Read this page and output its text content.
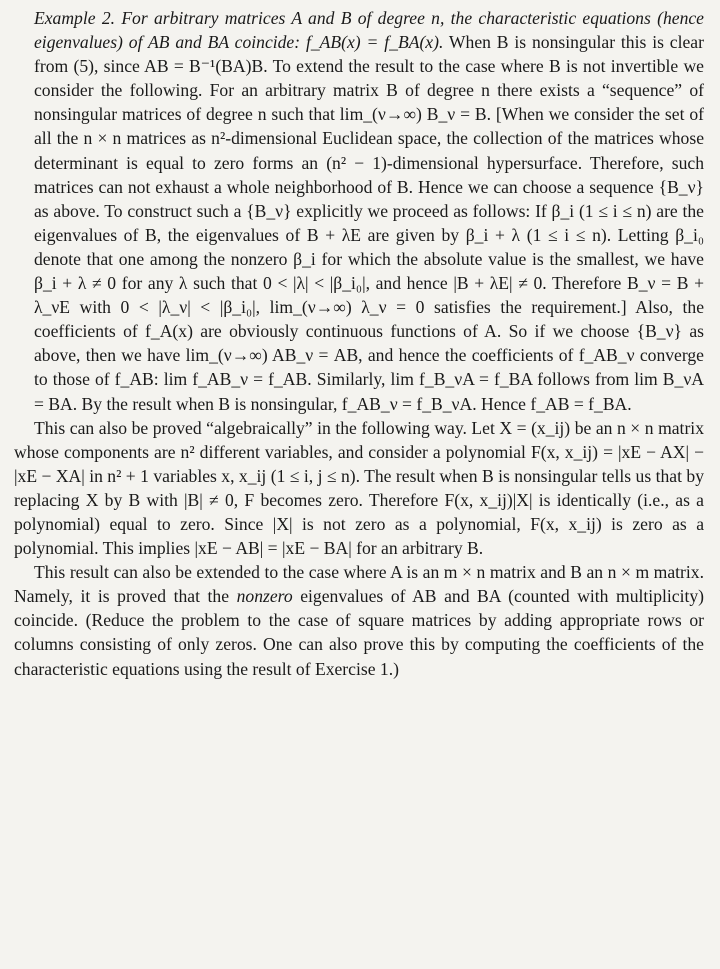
Example 2. For arbitrary matrices A and B of degree n, the characteristic equations (hence eigenvalues) of AB and BA coincide: f_AB(x) = f_BA(x). When B is nonsingular this is clear from (5), since AB = B⁻¹(BA)B. To extend the result to the case where B is not invertible we consider the following. For an arbitrary matrix B of degree n there exists a “sequence” of nonsingular matrices of degree n such that lim_(ν→∞) B_ν = B. [When we consider the set of all the n × n matrices as n²-dimensional Euclidean space, the collection of the matrices whose determinant is equal to zero forms an (n² − 1)-dimensional hypersurface. Therefore, such matrices can not exhaust a whole neighborhood of B. Hence we can choose a sequence {B_ν} as above. To construct such a {B_ν} explicitly we proceed as follows: If β_i (1 ≤ i ≤ n) are the eigenvalues of B, the eigenvalues of B + λE are given by β_i + λ (1 ≤ i ≤ n). Letting β_i₀ denote that one among the nonzero β_i for which the absolute value is the smallest, we have β_i + λ ≠ 0 for any λ such that 0 < |λ| < |β_i₀|, and hence |B + λE| ≠ 0. Therefore B_ν = B + λ_νE with 0 < |λ_ν| < |β_i₀|, lim_(ν→∞) λ_ν = 0 satisfies the requirement.] Also, the coefficients of f_A(x) are obviously continuous functions of A. So if we choose {B_ν} as above, then we have lim_(ν→∞) AB_ν = AB, and hence the coefficients of f_AB_ν converge to those of f_AB: lim f_AB_ν = f_AB. Similarly, lim f_B_νA = f_BA follows from lim B_νA = BA. By the result when B is nonsingular, f_AB_ν = f_B_νA. Hence f_AB = f_BA.

This can also be proved “algebraically” in the following way. Let X = (x_ij) be an n × n matrix whose components are n² different variables, and consider a polynomial F(x, x_ij) = |xE − AX| − |xE − XA| in n² + 1 variables x, x_ij (1 ≤ i, j ≤ n). The result when B is nonsingular tells us that by replacing X by B with |B| ≠ 0, F becomes zero. Therefore F(x, x_ij)|X| is identically (i.e., as a polynomial) equal to zero. Since |X| is not zero as a polynomial, F(x, x_ij) is zero as a polynomial. This implies |xE − AB| = |xE − BA| for an arbitrary B.

This result can also be extended to the case where A is an m × n matrix and B an n × m matrix. Namely, it is proved that the nonzero eigenvalues of AB and BA (counted with multiplicity) coincide. (Reduce the problem to the case of square matrices by adding appropriate rows or columns consisting of only zeros. One can also prove this by computing the coefficients of the characteristic equations using the result of Exercise 1.)
